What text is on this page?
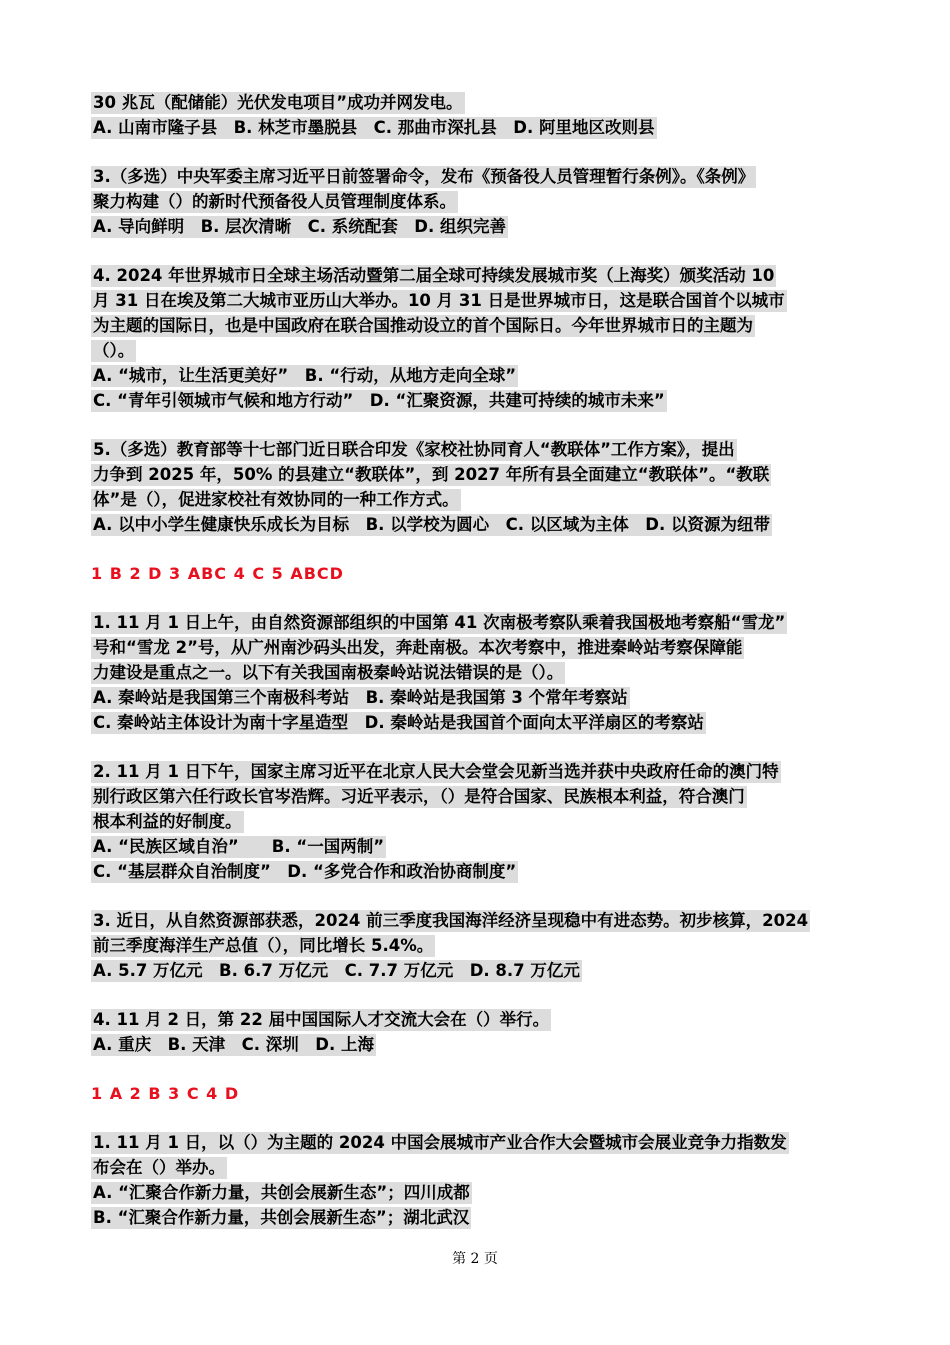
30 兆瓦（配储能）光伏发电项目”成功并网发电。
A. 山南市隆子县　B. 林芝市墨脱县　C. 那曲市深扎县　D. 阿里地区改则县
3.（多选）中央军委主席习近平日前签署命令，发布《预备役人员管理暂行条例》。《条例》
聚力构建（）的新时代预备役人员管理制度体系。
A. 导向鲜明　B. 层次清晰　C. 系统配套　D. 组织完善
4. 2024 年世界城市日全球主场活动暨第二届全球可持续发展城市奖（上海奖）颁奖活动 10
月 31 日在埃及第二大城市亚历山大举办。10 月 31 日是世界城市日，这是联合国首个以城市
为主题的国际日，也是中国政府在联合国推动设立的首个国际日。今年世界城市日的主题为
（）。
A. “城市，让生活更美好”　B. “行动，从地方走向全球”
C. “青年引领城市气候和地方行动”　D. “汇聚资源，共建可持续的城市未来”
5.（多选）教育部等十七部门近日联合印发《家校社协同育人“教联体”工作方案》，提出
力争到 2025 年，50% 的县建立“教联体”，到 2027 年所有县全面建立“教联体”。“教联
体”是（），促进家校社有效协同的一种工作方式。
A. 以中小学生健康快乐成长为目标　B. 以学校为圆心　C. 以区域为主体　D. 以资源为纽带
1 B 2 D 3 ABC 4 C 5 ABCD
1. 11 月 1 日上午，由自然资源部组织的中国第 41 次南极考察队乘着我国极地考察船“雪龙”
号和“雪龙 2”号，从广州南沙码头出发，奔赴南极。本次考察中，推进秦岭站考察保障能
力建设是重点之一。以下有关我国南极秦岭站说法错误的是（）。
A. 秦岭站是我国第三个南极科考站　B. 秦岭站是我国第 3 个常年考察站
C. 秦岭站主体设计为南十字星造型　D. 秦岭站是我国首个面向太平洋扇区的考察站
2. 11 月 1 日下午，国家主席习近平在北京人民大会堂会见新当选并获中央政府任命的澳门特
别行政区第六任行政长官岑浩辉。习近平表示，（）是符合国家、民族根本利益，符合澳门
根本利益的好制度。
A. “民族区域自治”　　B. “一国两制”
C. “基层群众自治制度”　D. “多党合作和政治协商制度”
3. 近日，从自然资源部获悉，2024 前三季度我国海洋经济呈现稳中有进态势。初步核算，2024
前三季度海洋生产总值（），同比增长 5.4%。
A. 5.7 万亿元　B. 6.7 万亿元　C. 7.7 万亿元　D. 8.7 万亿元
4. 11 月 2 日，第 22 届中国国际人才交流大会在（）举行。
A. 重庆　B. 天津　C. 深圳　D. 上海
1 A 2 B 3 C 4 D
1. 11 月 1 日，以（）为主题的 2024 中国会展城市产业合作大会暨城市会展业竞争力指数发
布会在（）举办。
A. “汇聚合作新力量，共创会展新生态”；四川成都
B. “汇聚合作新力量，共创会展新生态”；湖北武汉
第 2 页
